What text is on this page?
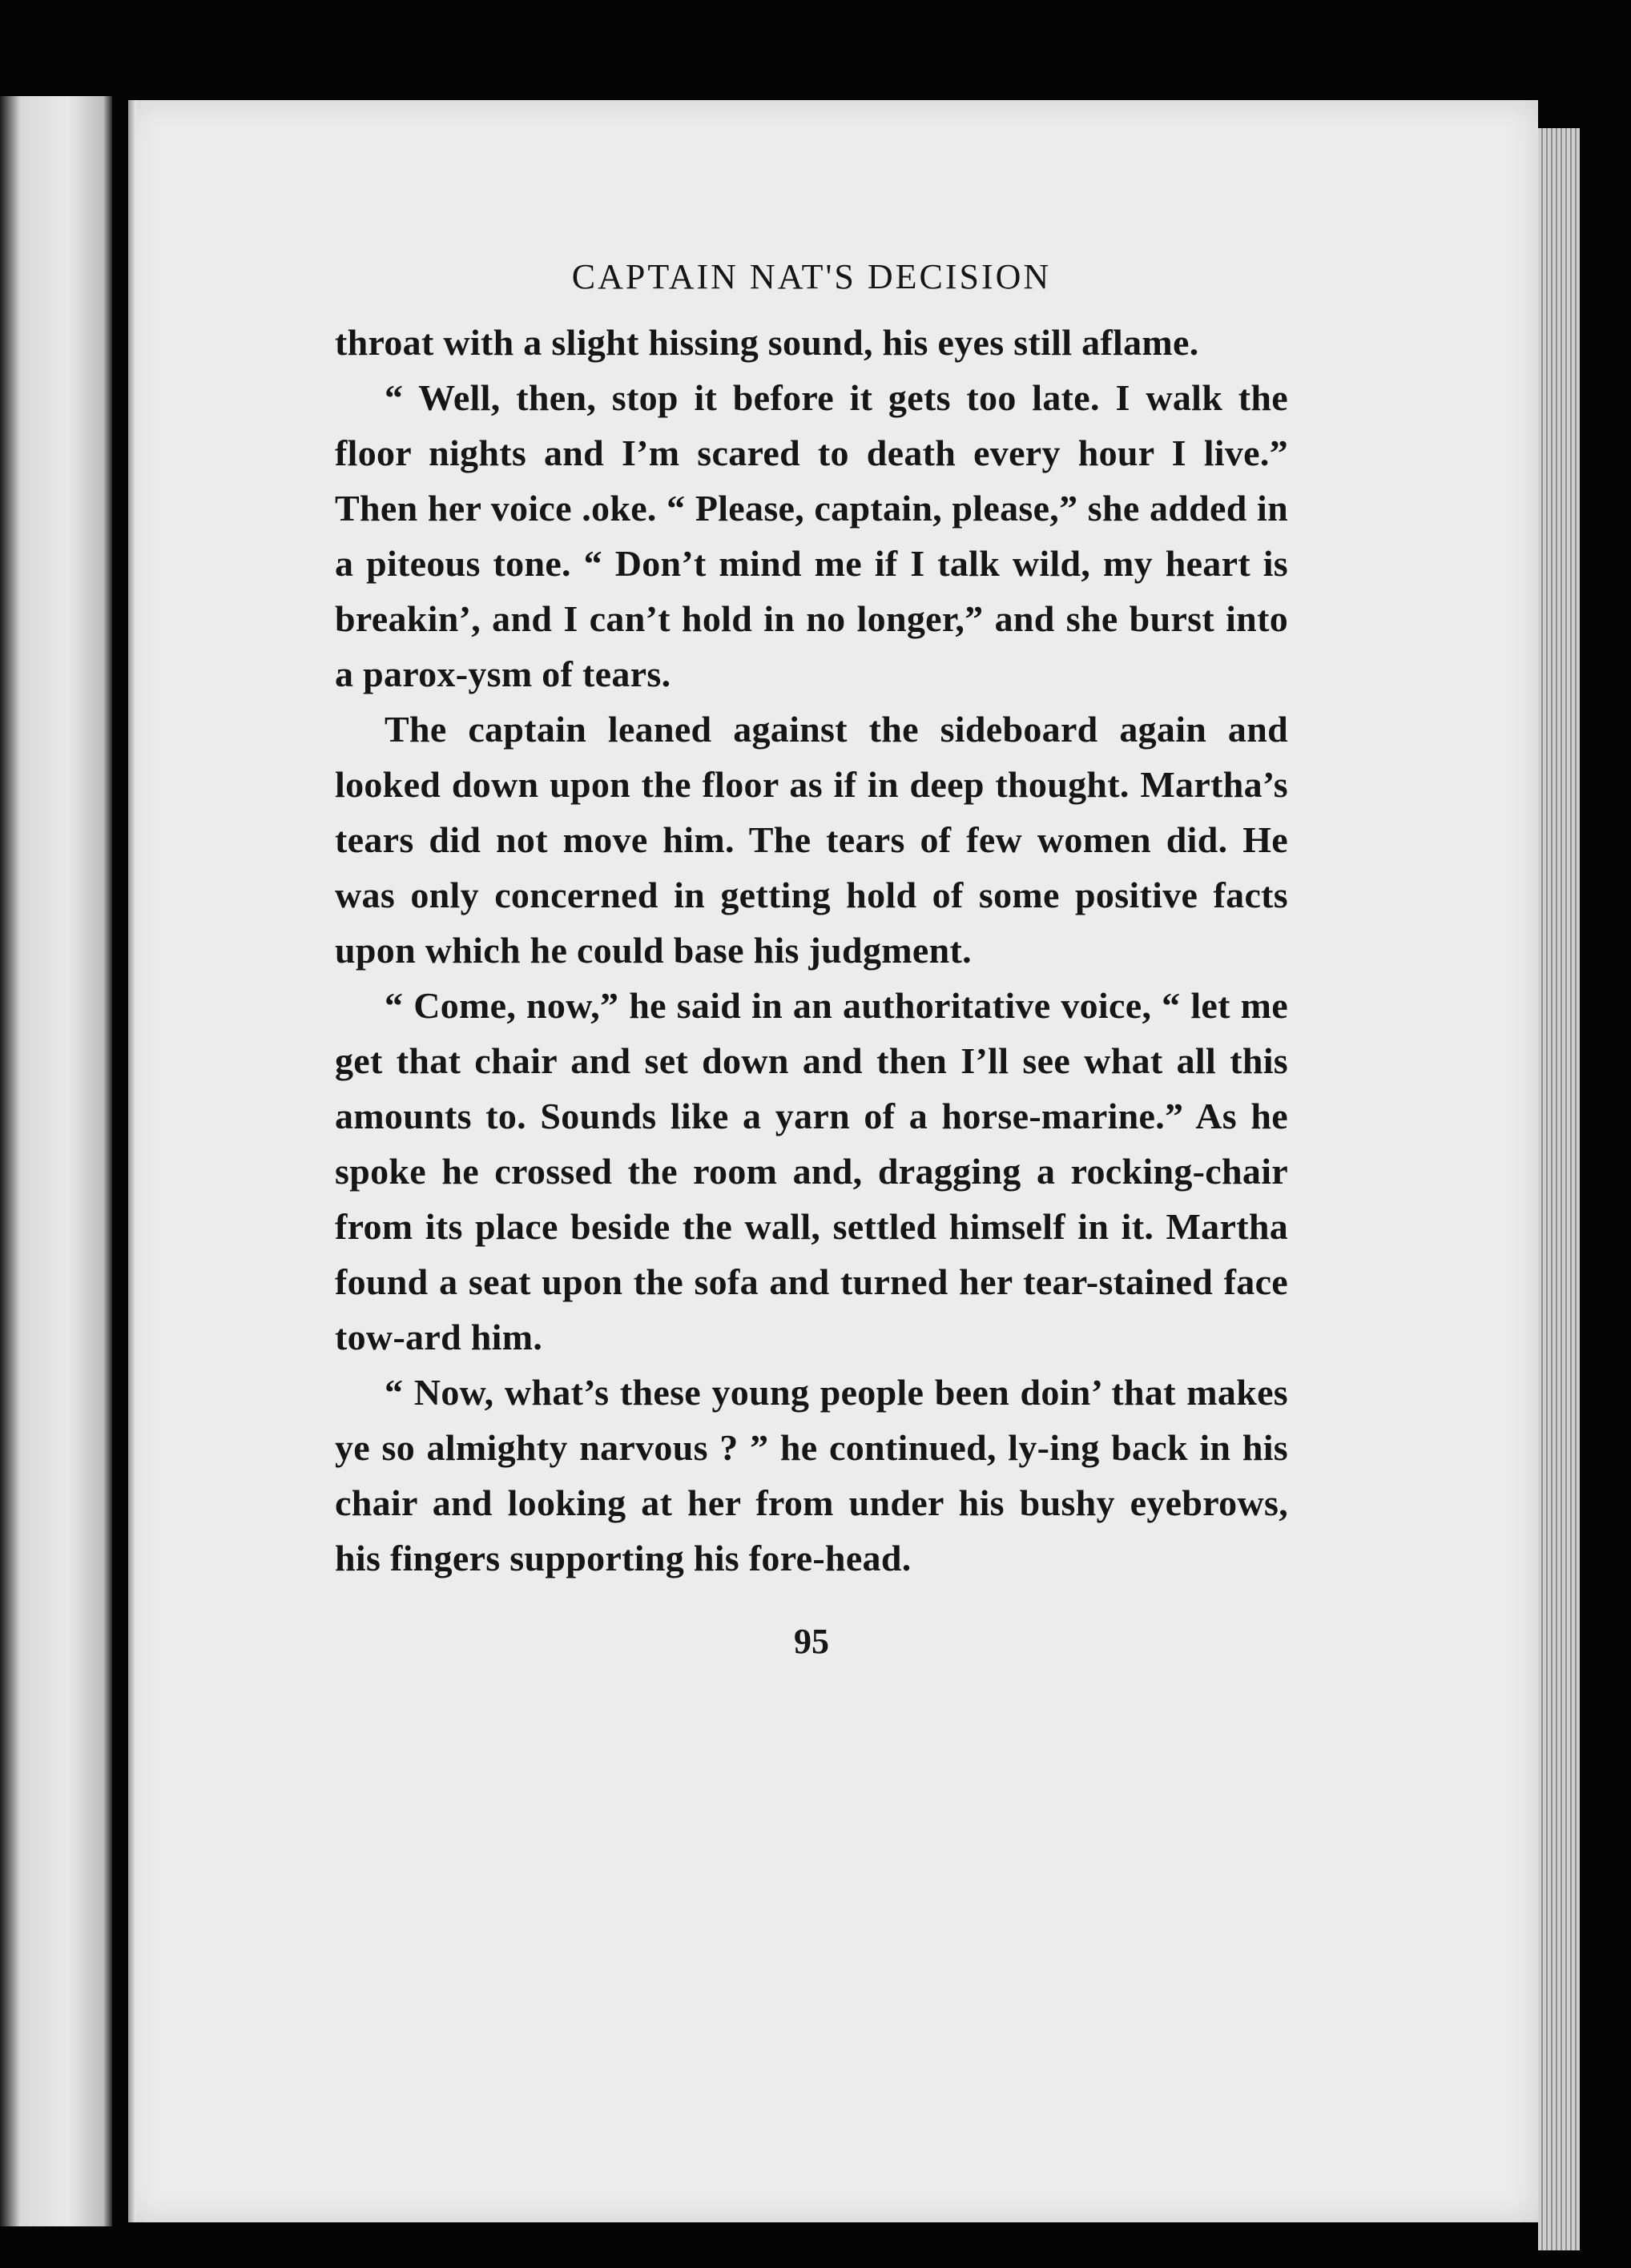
CAPTAIN NAT'S DECISION

throat with a slight hissing sound, his eyes still aflame.

“ Well, then, stop it before it gets too late. I walk the floor nights and I’m scared to death every hour I live.” Then her voice .oke. “ Please, captain, please,” she added in a piteous tone. “ Don’t mind me if I talk wild, my heart is breakin’, and I can’t hold in no longer,” and she burst into a parox-ysm of tears.

The captain leaned against the sideboard again and looked down upon the floor as if in deep thought. Martha’s tears did not move him. The tears of few women did. He was only concerned in getting hold of some positive facts upon which he could base his judgment.

“ Come, now,” he said in an authoritative voice, “ let me get that chair and set down and then I’ll see what all this amounts to. Sounds like a yarn of a horse-marine.” As he spoke he crossed the room and, dragging a rocking-chair from its place beside the wall, settled himself in it. Martha found a seat upon the sofa and turned her tear-stained face tow-ard him.

“ Now, what’s these young people been doin’ that makes ye so almighty narvous ? ” he continued, ly-ing back in his chair and looking at her from under his bushy eyebrows, his fingers supporting his fore-head.

95
